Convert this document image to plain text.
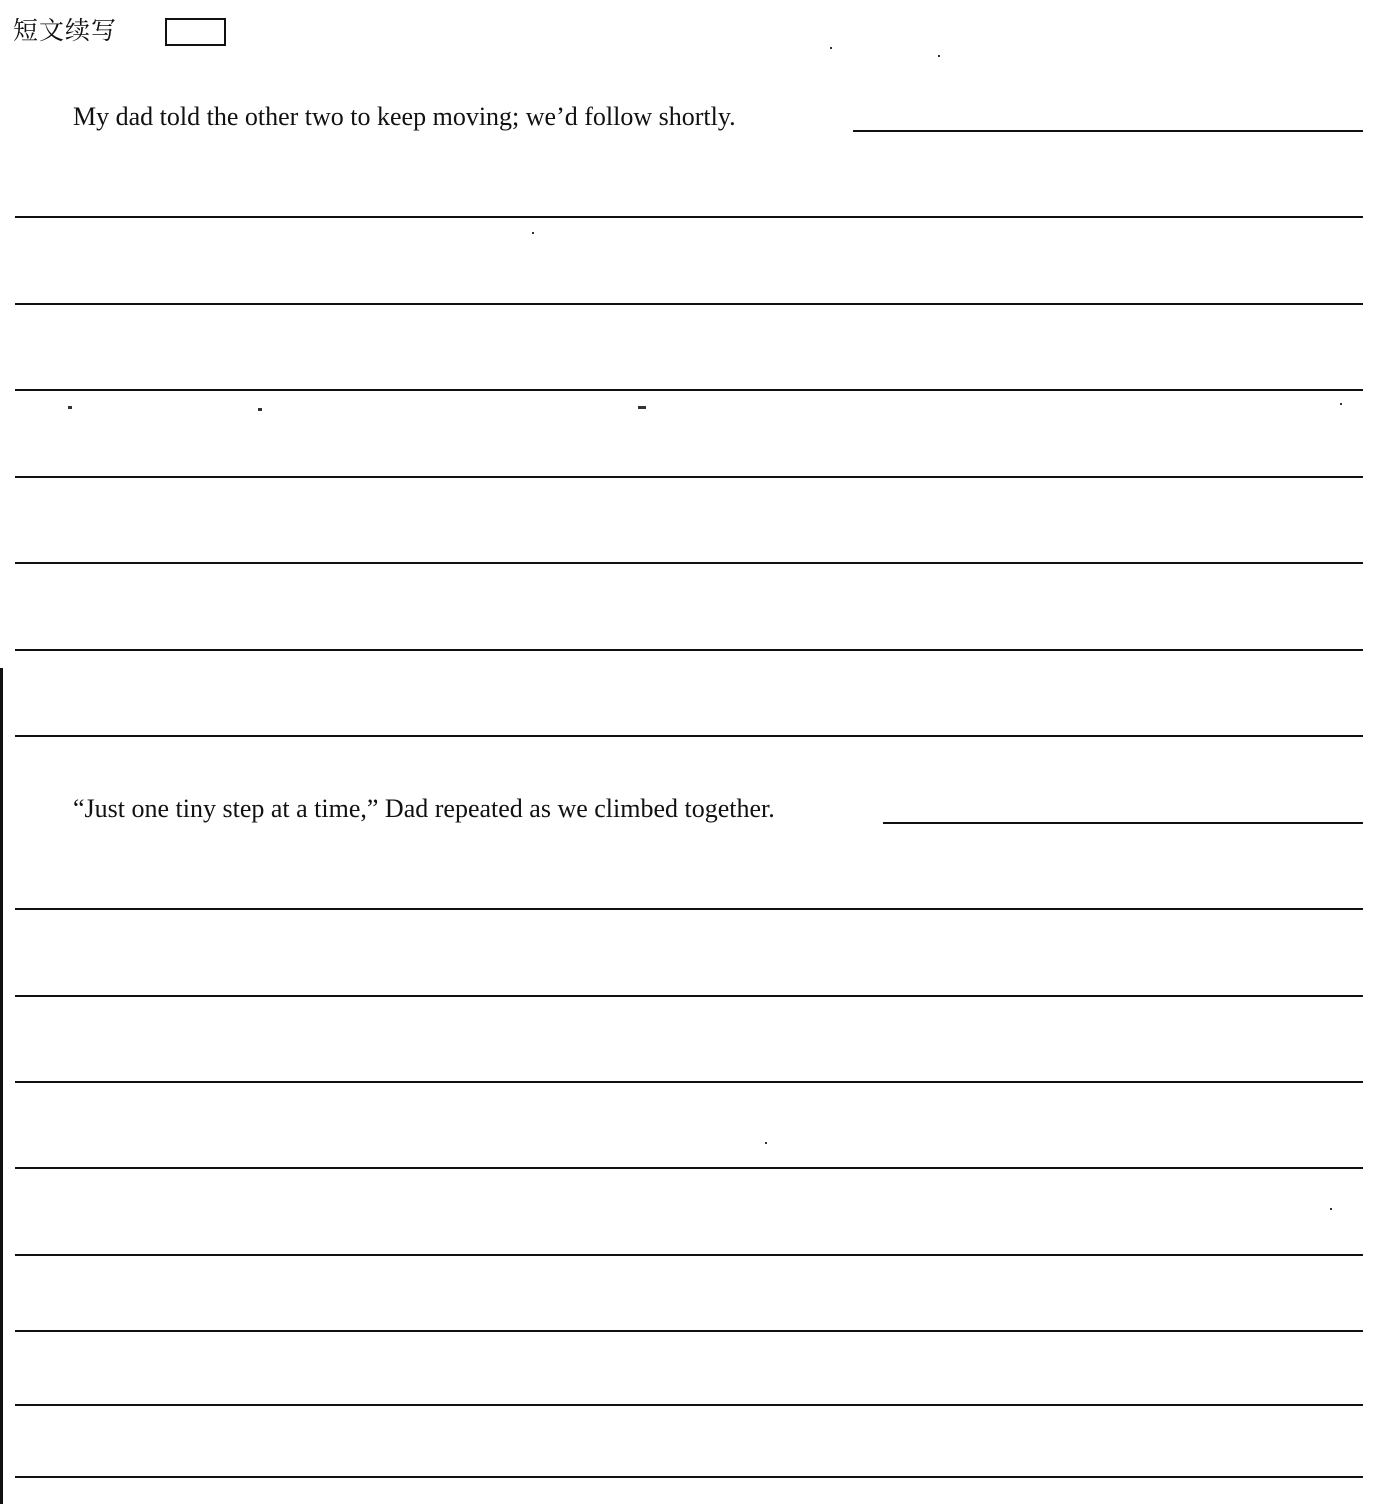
短文续写
My dad told the other two to keep moving; we’d follow shortly.
“Just one tiny step at a time,” Dad repeated as we climbed together.
